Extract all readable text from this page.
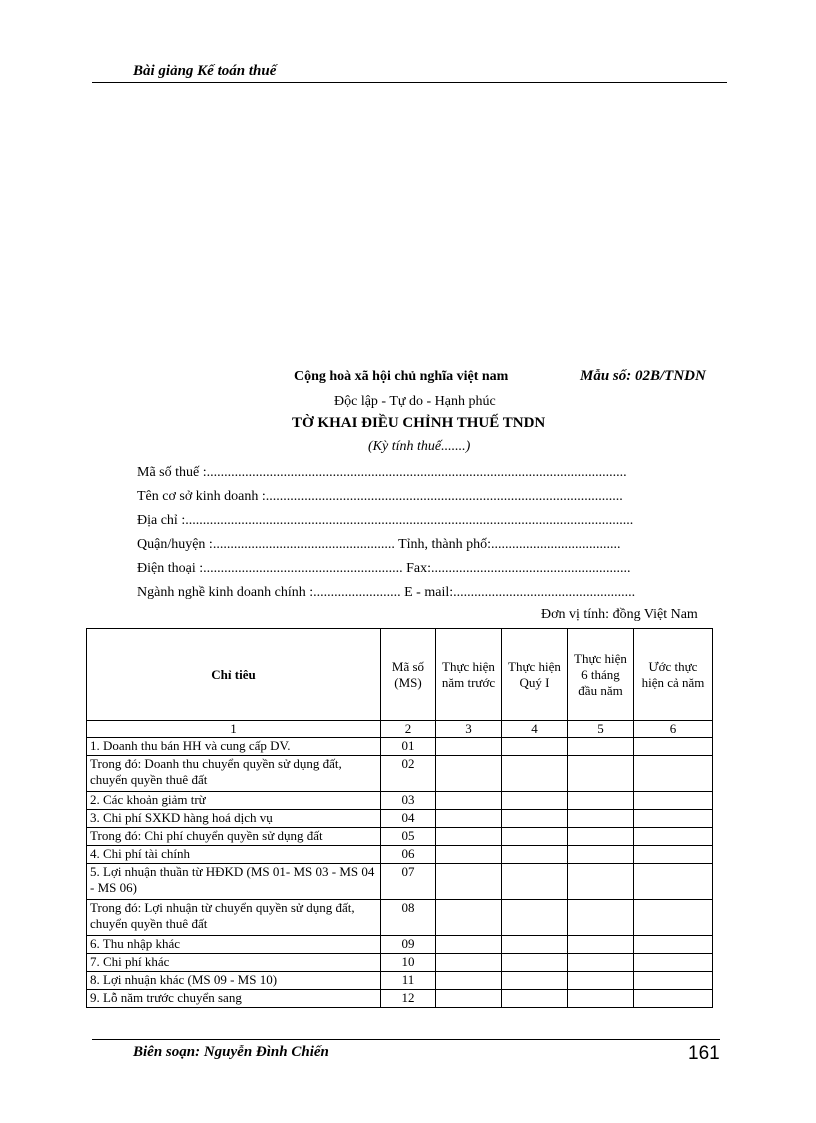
Bài giảng Kế toán thuế
Cộng hoà xã hội chủ nghĩa việt nam	Mẫu số: 02B/TNDN
Độc lập - Tự do - Hạnh phúc
TỜ KHAI ĐIỀU CHỈNH THUẾ TNDN
(Kỳ tính thuế.......)
Mã số thuế :........................................................................................................................
Tên cơ sở kinh doanh :......................................................................................................
Địa chỉ :................................................................................................................................
Quận/huyện :.................................................... Tỉnh, thành phố:.....................................
Điện thoại :......................................................... Fax:.........................................................
Ngành nghề kinh doanh chính :......................... E - mail:....................................................
Đơn vị tính: đồng Việt Nam
Chỉ tiêu	Mã số (MS)	Thực hiện năm trước	Thực hiện Quý I	Thực hiện 6 tháng đầu năm	Ước thực hiện cả năm
1	2	3	4	5	6
1. Doanh thu bán HH và cung cấp DV.	01				
Trong đó: Doanh thu chuyển quyền sử dụng đất, chuyển quyền thuê đất	02				
2. Các khoản giảm trừ	03				
3. Chi phí SXKD hàng hoá dịch vụ	04				
Trong đó: Chi phí chuyển quyền sử dụng đất	05				
4. Chi phí tài chính	06				
5. Lợi nhuận thuần từ HĐKD (MS 01- MS 03 - MS 04 - MS 06)	07				
Trong đó: Lợi nhuận từ chuyển quyền sử dụng đất, chuyển quyền thuê đất	08				
6. Thu nhập khác	09				
7. Chi phí khác	10				
8. Lợi nhuận khác (MS 09 - MS 10)	11				
9. Lỗ năm trước chuyển sang	12				
Biên soạn: Nguyễn Đình Chiến	161
